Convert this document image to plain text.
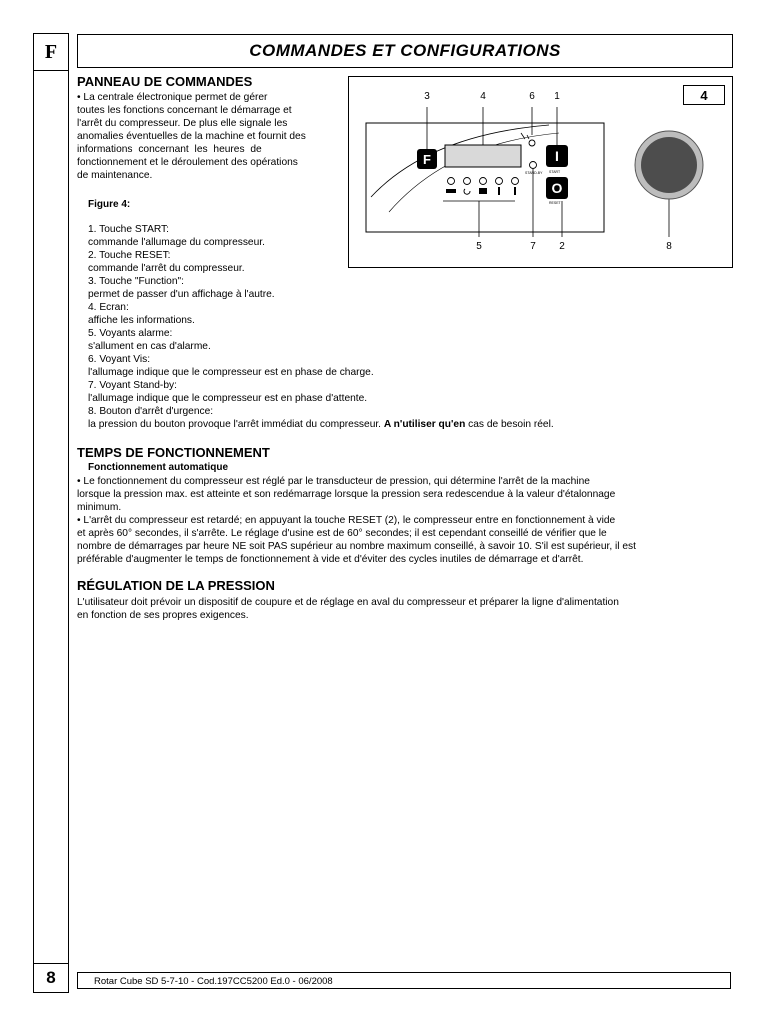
F
8
COMMANDES ET CONFIGURATIONS
PANNEAU DE COMMANDES

• La centrale électronique permet de gérer

toutes les fonctions concernant le démarrage et

l'arrêt du compresseur. De plus elle signale les

anomalies éventuelles de la machine et fournit des

informations concernant les heures de

fonctionnement et le déroulement des opérations

de maintenance.

Figure 4:

1. Touche START:

commande l'allumage du compresseur.

2. Touche RESET:

commande l'arrêt du compresseur.

3. Touche "Function":

permet de passer d'un affichage à l'autre.

4. Ecran:

affiche les informations.

5. Voyants alarme:

s'allument en cas d'alarme.

6. Voyant Vis:

l'allumage indique que le compresseur est en phase de charge.

7. Voyant Stand-by:

l'allumage indique que le compresseur est en phase d'attente.

8. Bouton d'arrêt d'urgence:

la pression du bouton provoque l'arrêt immédiat du compresseur. A n'utiliser qu'en cas de besoin réel.

4
3	4	6	1
5	7	2	8
F	I
O
START
RESET
STAND-BY
TEMPS DE FONCTIONNEMENT
Fonctionnement automatique

• Le fonctionnement du compresseur est réglé par le transducteur de pression, qui détermine l'arrêt de la machine

lorsque la pression max. est atteinte et son redémarrage lorsque la pression sera redescendue à la valeur d'étalonnage

minimum.

• L'arrêt du compresseur est retardé; en appuyant la touche RESET (2), le compresseur entre en fonctionnement à vide

et après 60° secondes, il s'arrête. Le réglage d'usine est de 60° secondes; il est cependant conseillé de vérifier que le

nombre de démarrages par heure NE soit PAS supérieur au nombre maximum conseillé, à savoir 10. S'il est supérieur, il est

préférable d'augmenter le temps de fonctionnement à vide et d'éviter des cycles inutiles de démarrage et d'arrêt.

RÉGULATION DE LA PRESSION

L'utilisateur doit prévoir un dispositif de coupure et de réglage en aval du compresseur et préparer la ligne d'alimentation

en fonction de ses propres exigences.

Rotar Cube SD 5-7-10 - Cod.197CC5200 Ed.0 - 06/2008
